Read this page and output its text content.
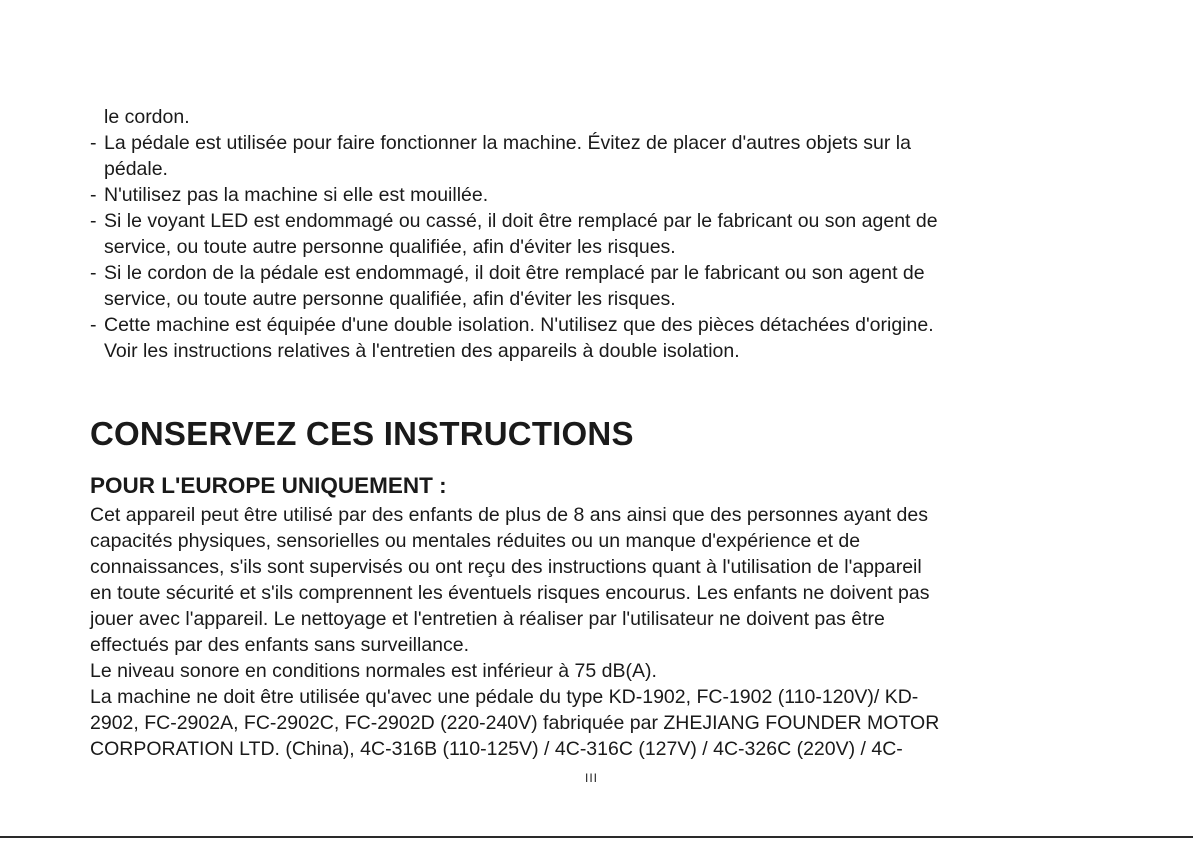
le cordon.

- La pédale est utilisée pour faire fonctionner la machine. Évitez de placer d'autres objets sur la
pédale.
- N'utilisez pas la machine si elle est mouillée.
- Si le voyant LED est endommagé ou cassé, il doit être remplacé par le fabricant ou son agent de
service, ou toute autre personne qualifiée, afin d'éviter les risques.
- Si le cordon de la pédale est endommagé, il doit être remplacé par le fabricant ou son agent de
service, ou toute autre personne qualifiée, afin d'éviter les risques.
- Cette machine est équipée d'une double isolation. N'utilisez que des pièces détachées d'origine.
Voir les instructions relatives à l'entretien des appareils à double isolation.
CONSERVEZ CES INSTRUCTIONS
POUR L'EUROPE UNIQUEMENT :

Cet appareil peut être utilisé par des enfants de plus de 8 ans ainsi que des personnes ayant des
capacités physiques, sensorielles ou mentales réduites ou un manque d'expérience et de
connaissances, s'ils sont supervisés ou ont reçu des instructions quant à l'utilisation de l'appareil
en toute sécurité et s'ils comprennent les éventuels risques encourus. Les enfants ne doivent pas
jouer avec l'appareil. Le nettoyage et l'entretien à réaliser par l'utilisateur ne doivent pas être
effectués par des enfants sans surveillance.
Le niveau sonore en conditions normales est inférieur à 75 dB(A).
La machine ne doit être utilisée qu'avec une pédale du type KD-1902, FC-1902 (110-120V)/ KD-
2902, FC-2902A, FC-2902C, FC-2902D (220-240V) fabriquée par ZHEJIANG FOUNDER MOTOR
CORPORATION LTD. (China), 4C-316B (110-125V) / 4C-316C (127V) / 4C-326C (220V) / 4C-

III
